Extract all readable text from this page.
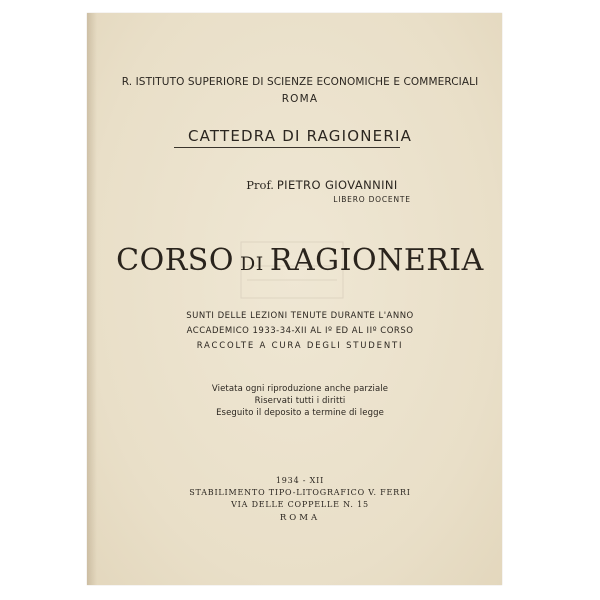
R. ISTITUTO SUPERIORE DI SCIENZE ECONOMICHE E COMMERCIALI
ROMA
CATTEDRA DI RAGIONERIA
Prof. PIETRO GIOVANNINI
LIBERO DOCENTE
CORSO DI RAGIONERIA
SUNTI DELLE LEZIONI TENUTE DURANTE L'ANNO
ACCADEMICO 1933-34-XII AL Iº ED AL IIº CORSO
RACCOLTE A CURA DEGLI STUDENTI
Vietata ogni riproduzione anche parziale
Riservati tutti i diritti
Eseguito il deposito a termine di legge
1934 - XII
STABILIMENTO TIPO-LITOGRAFICO V. FERRI
VIA DELLE COPPELLE N. 15
ROMA
